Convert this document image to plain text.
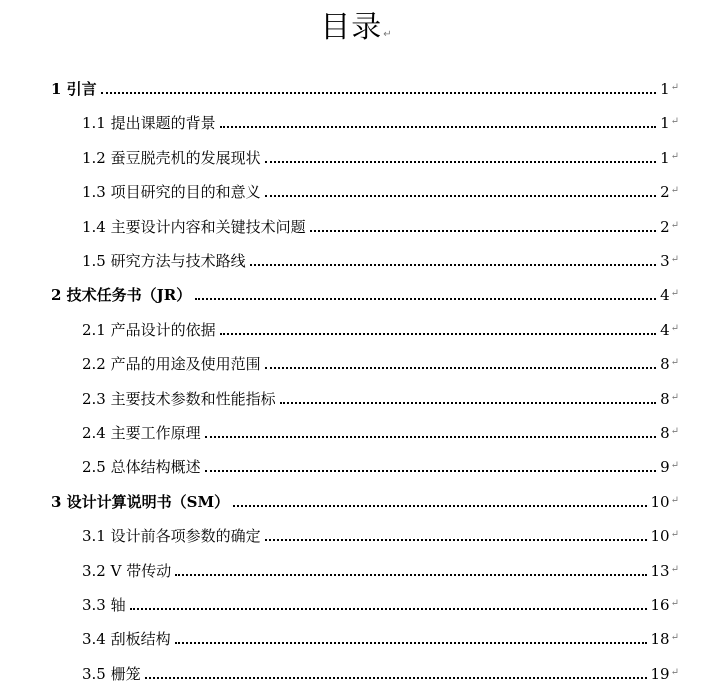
目录↵
1 引言	1 ↵
1.1 提出课题的背景	1 ↵
1.2 蚕豆脱壳机的发展现状	1 ↵
1.3 项目研究的目的和意义	2 ↵
1.4 主要设计内容和关键技术问题	2 ↵
1.5 研究方法与技术路线	3 ↵
2 技术任务书（JR）	4 ↵
2.1 产品设计的依据	4 ↵
2.2 产品的用途及使用范围	8 ↵
2.3 主要技术参数和性能指标	8 ↵
2.4 主要工作原理	8 ↵
2.5 总体结构概述	9 ↵
3 设计计算说明书（SM）	10 ↵
3.1 设计前各项参数的确定	10 ↵
3.2 V 带传动	13 ↵
3.3 轴	16 ↵
3.4 刮板结构	18 ↵
3.5 栅笼	19 ↵
